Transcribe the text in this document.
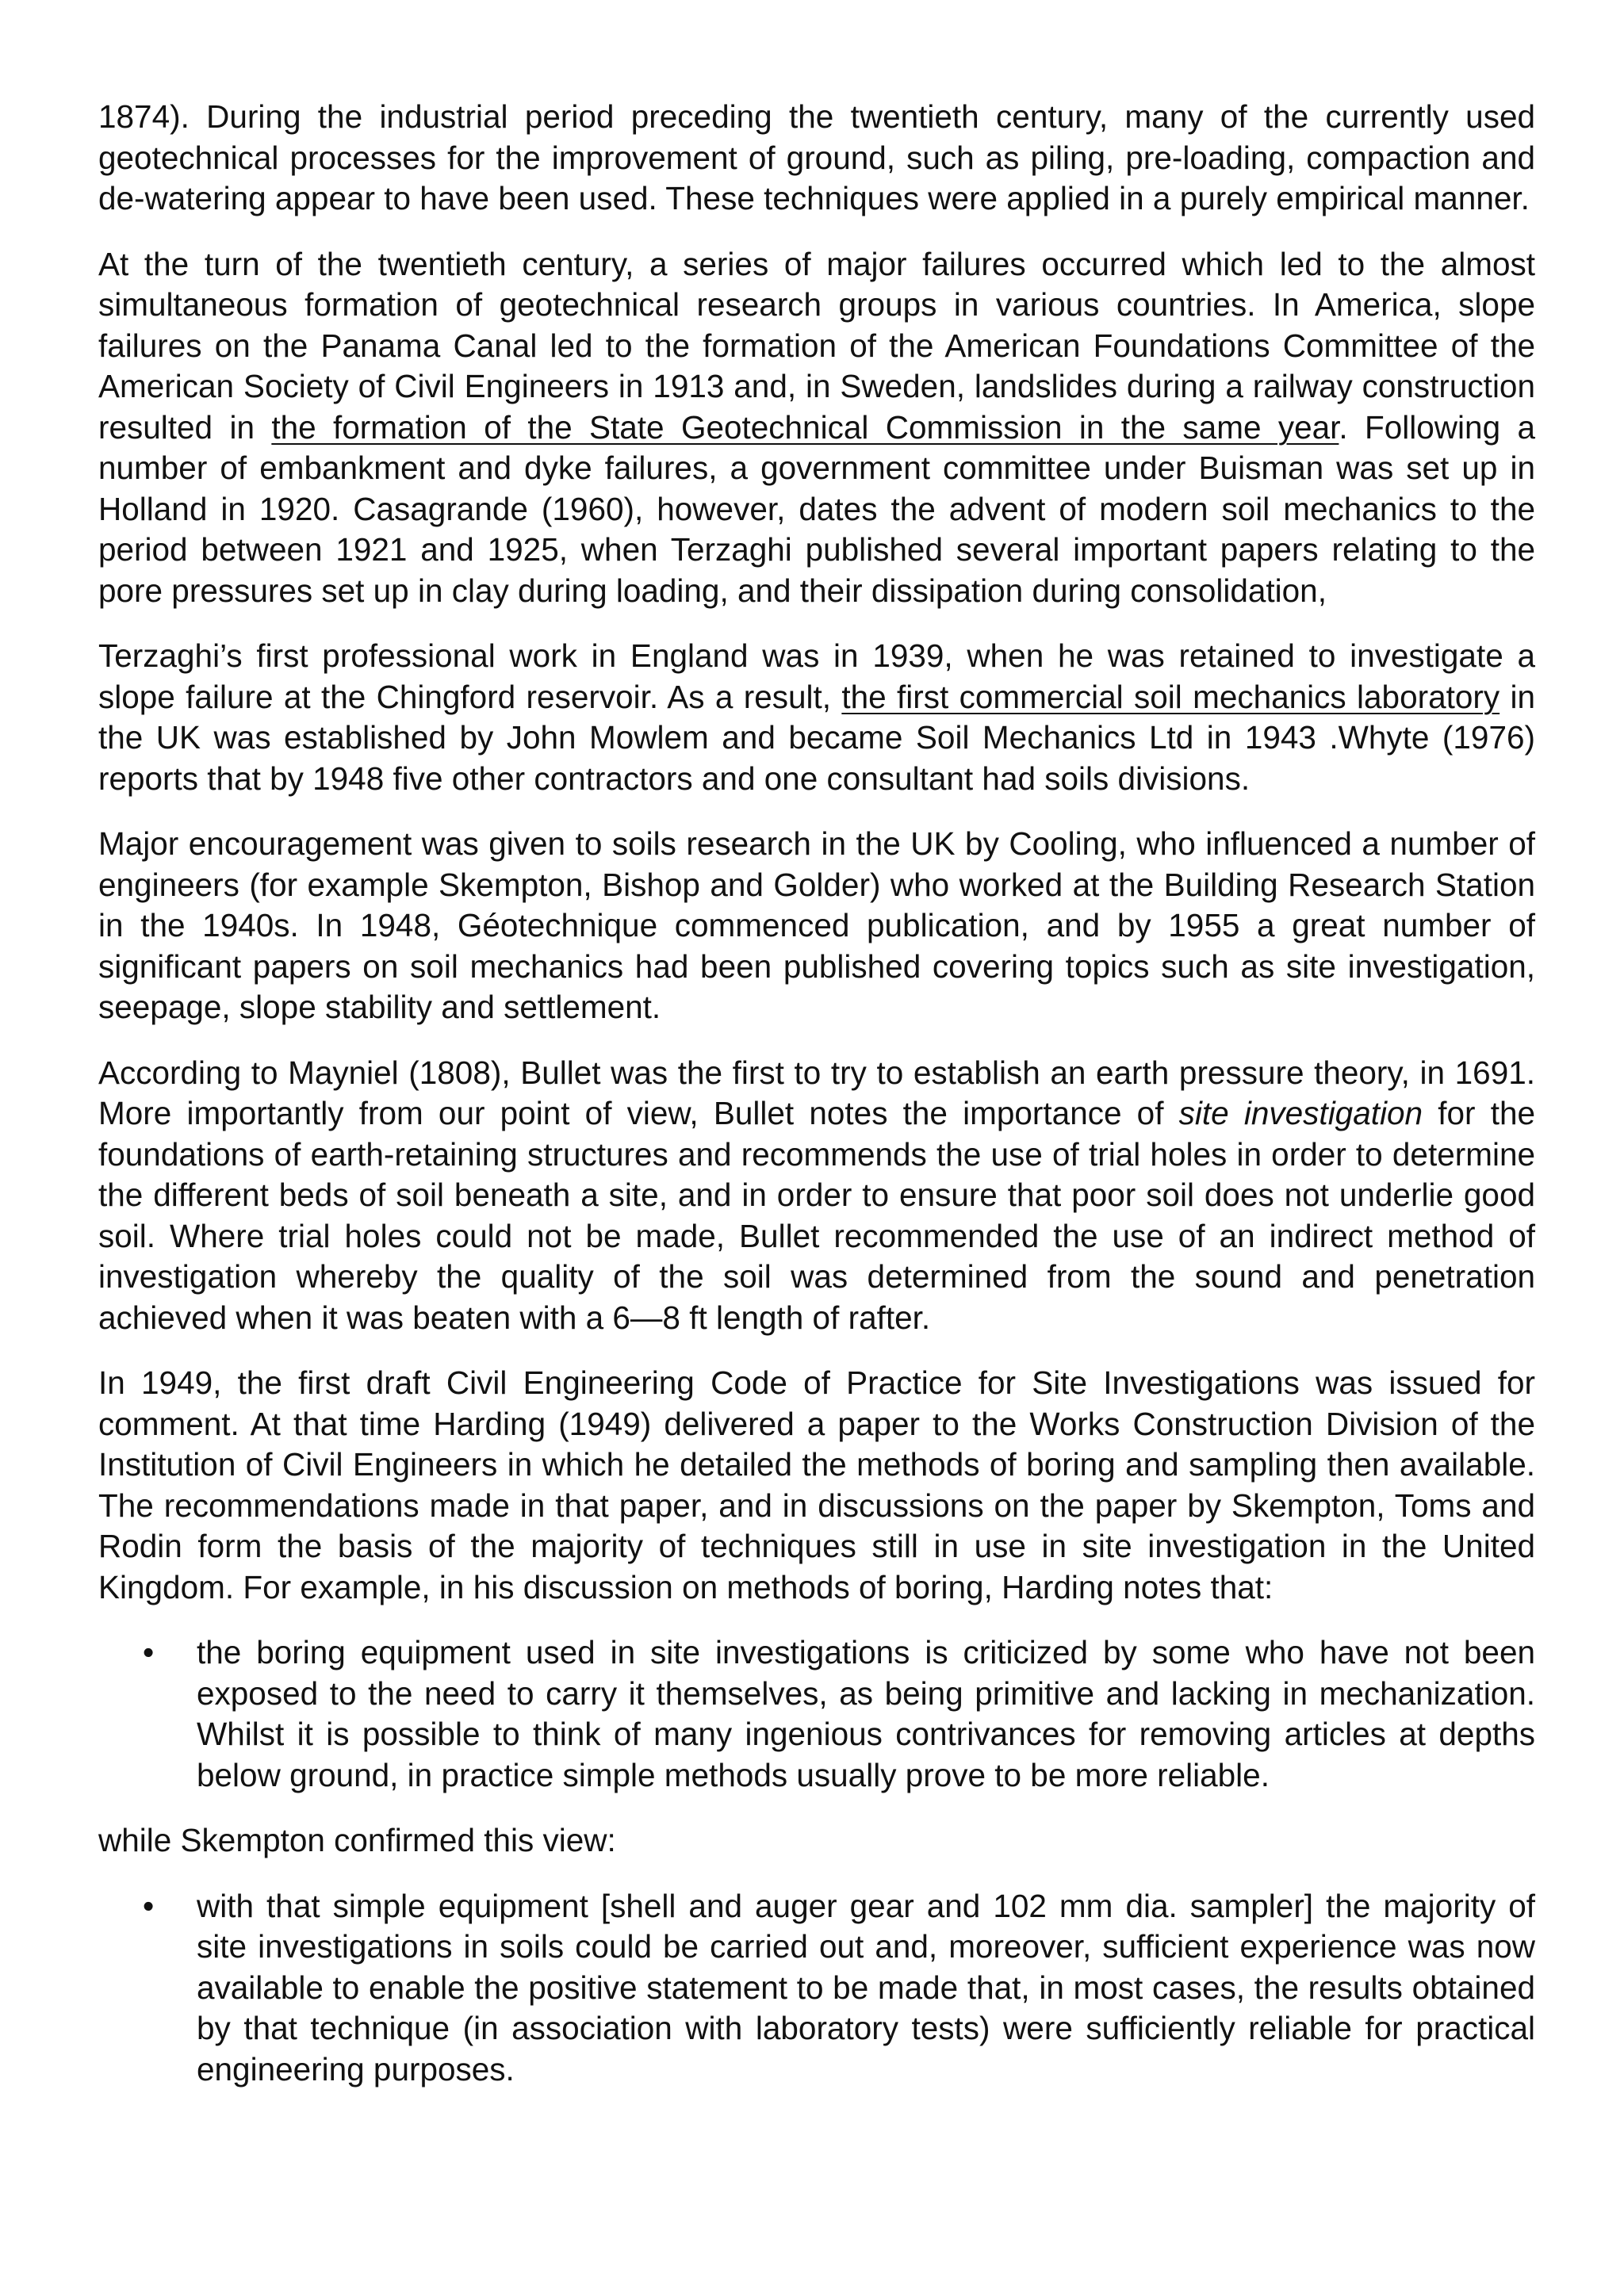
1874). During the industrial period preceding the twentieth century, many of the currently used geotechnical processes for the improvement of ground, such as piling, pre-loading, compaction and de-watering appear to have been used. These techniques were applied in a purely empirical manner.

At the turn of the twentieth century, a series of major failures occurred which led to the almost simultaneous formation of geotechnical research groups in various countries. In America, slope failures on the Panama Canal led to the formation of the American Foundations Committee of the American Society of Civil Engineers in 1913 and, in Sweden, landslides during a railway construction resulted in the formation of the State Geotechnical Commission in the same year. Following a number of embankment and dyke failures, a government committee under Buisman was set up in Holland in 1920. Casagrande (1960), however, dates the advent of modern soil mechanics to the period between 1921 and 1925, when Terzaghi published several important papers relating to the pore pressures set up in clay during loading, and their dissipation during consolidation,

Terzaghi’s first professional work in England was in 1939, when he was retained to investigate a slope failure at the Chingford reservoir. As a result, the first commercial soil mechanics laboratory in the UK was established by John Mowlem and became Soil Mechanics Ltd in 1943 .Whyte (1976) reports that by 1948 five other contractors and one consultant had soils divisions.

Major encouragement was given to soils research in the UK by Cooling, who influenced a number of engineers (for example Skempton, Bishop and Golder) who worked at the Building Research Station in the 1940s. In 1948, Géotechnique commenced publication, and by 1955 a great number of significant papers on soil mechanics had been published covering topics such as site investigation, seepage, slope stability and settlement.

According to Mayniel (1808), Bullet was the first to try to establish an earth pressure theory, in 1691. More importantly from our point of view, Bullet notes the importance of site investigation for the foundations of earth-retaining structures and recommends the use of trial holes in order to determine the different beds of soil beneath a site, and in order to ensure that poor soil does not underlie good soil. Where trial holes could not be made, Bullet recommended the use of an indirect method of investigation whereby the quality of the soil was determined from the sound and penetration achieved when it was beaten with a 6—8 ft length of rafter.

In 1949, the first draft Civil Engineering Code of Practice for Site Investigations was issued for comment. At that time Harding (1949) delivered a paper to the Works Construction Division of the Institution of Civil Engineers in which he detailed the methods of boring and sampling then available. The recommendations made in that paper, and in discussions on the paper by Skempton, Toms and Rodin form the basis of the majority of techniques still in use in site investigation in the United Kingdom. For example, in his discussion on methods of boring, Harding notes that:

• the boring equipment used in site investigations is criticized by some who have not been exposed to the need to carry it themselves, as being primitive and lacking in mechanization. Whilst it is possible to think of many ingenious contrivances for removing articles at depths below ground, in practice simple methods usually prove to be more reliable.

while Skempton confirmed this view:

• with that simple equipment [shell and auger gear and 102 mm dia. sampler] the majority of site investigations in soils could be carried out and, moreover, sufficient experience was now available to enable the positive statement to be made that, in most cases, the results obtained by that technique (in association with laboratory tests) were sufficiently reliable for practical engineering purposes.
